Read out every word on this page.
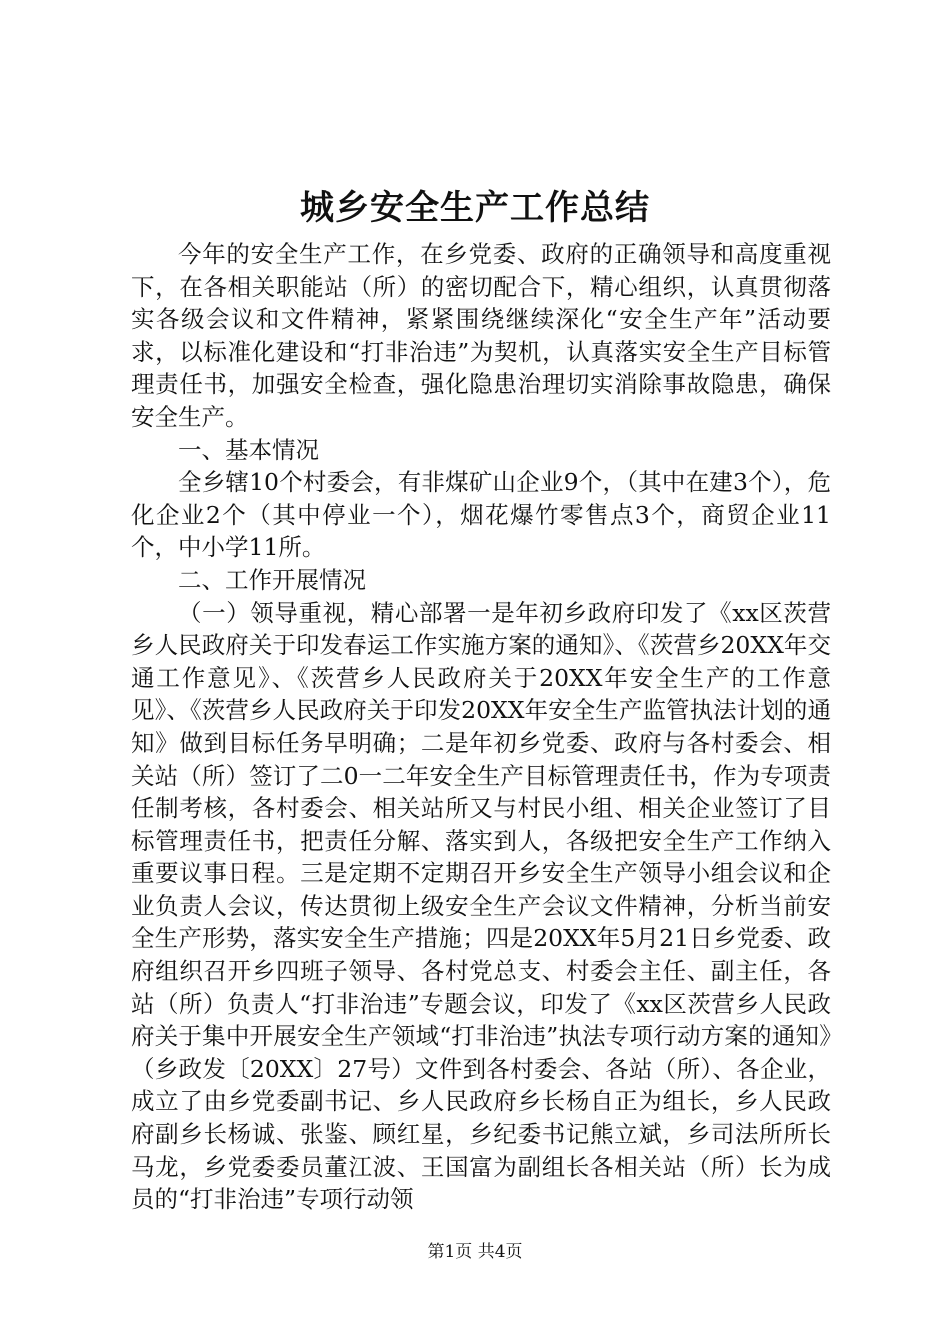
城乡安全生产工作总结

今年的安全生产工作，在乡党委、政府的正确领导和高度重视下，在各相关职能站（所）的密切配合下，精心组织，认真贯彻落实各级会议和文件精神，紧紧围绕继续深化“安全生产年”活动要求，以标准化建设和“打非治违”为契机，认真落实安全生产目标管理责任书，加强安全检查，强化隐患治理切实消除事故隐患，确保安全生产。

一、基本情况

全乡辖10个村委会，有非煤矿山企业9个，（其中在建3个），危化企业2个（其中停业一个），烟花爆竹零售点3个，商贸企业11个，中小学11所。

二、工作开展情况

（一）领导重视，精心部署一是年初乡政府印发了《xx区茨营乡人民政府关于印发春运工作实施方案的通知》、《茨营乡20XX年交通工作意见》、《茨营乡人民政府关于20XX年安全生产的工作意见》、《茨营乡人民政府关于印发20XX年安全生产监管执法计划的通知》做到目标任务早明确；二是年初乡党委、政府与各村委会、相关站（所）签订了二0一二年安全生产目标管理责任书，作为专项责任制考核，各村委会、相关站所又与村民小组、相关企业签订了目标管理责任书，把责任分解、落实到人，各级把安全生产工作纳入重要议事日程。三是定期不定期召开乡安全生产领导小组会议和企业负责人会议，传达贯彻上级安全生产会议文件精神，分析当前安全生产形势，落实安全生产措施；四是20XX年5月21日乡党委、政府组织召开乡四班子领导、各村党总支、村委会主任、副主任，各站（所）负责人“打非治违”专题会议，印发了《xx区茨营乡人民政府关于集中开展安全生产领域“打非治违”执法专项行动方案的通知》（乡政发〔20XX〕27号）文件到各村委会、各站（所）、各企业，成立了由乡党委副书记、乡人民政府乡长杨自正为组长，乡人民政府副乡长杨诚、张鉴、顾红星，乡纪委书记熊立斌，乡司法所所长马龙，乡党委委员董江波、王国富为副组长各相关站（所）长为成员的“打非治违”专项行动领

第1页 共4页
